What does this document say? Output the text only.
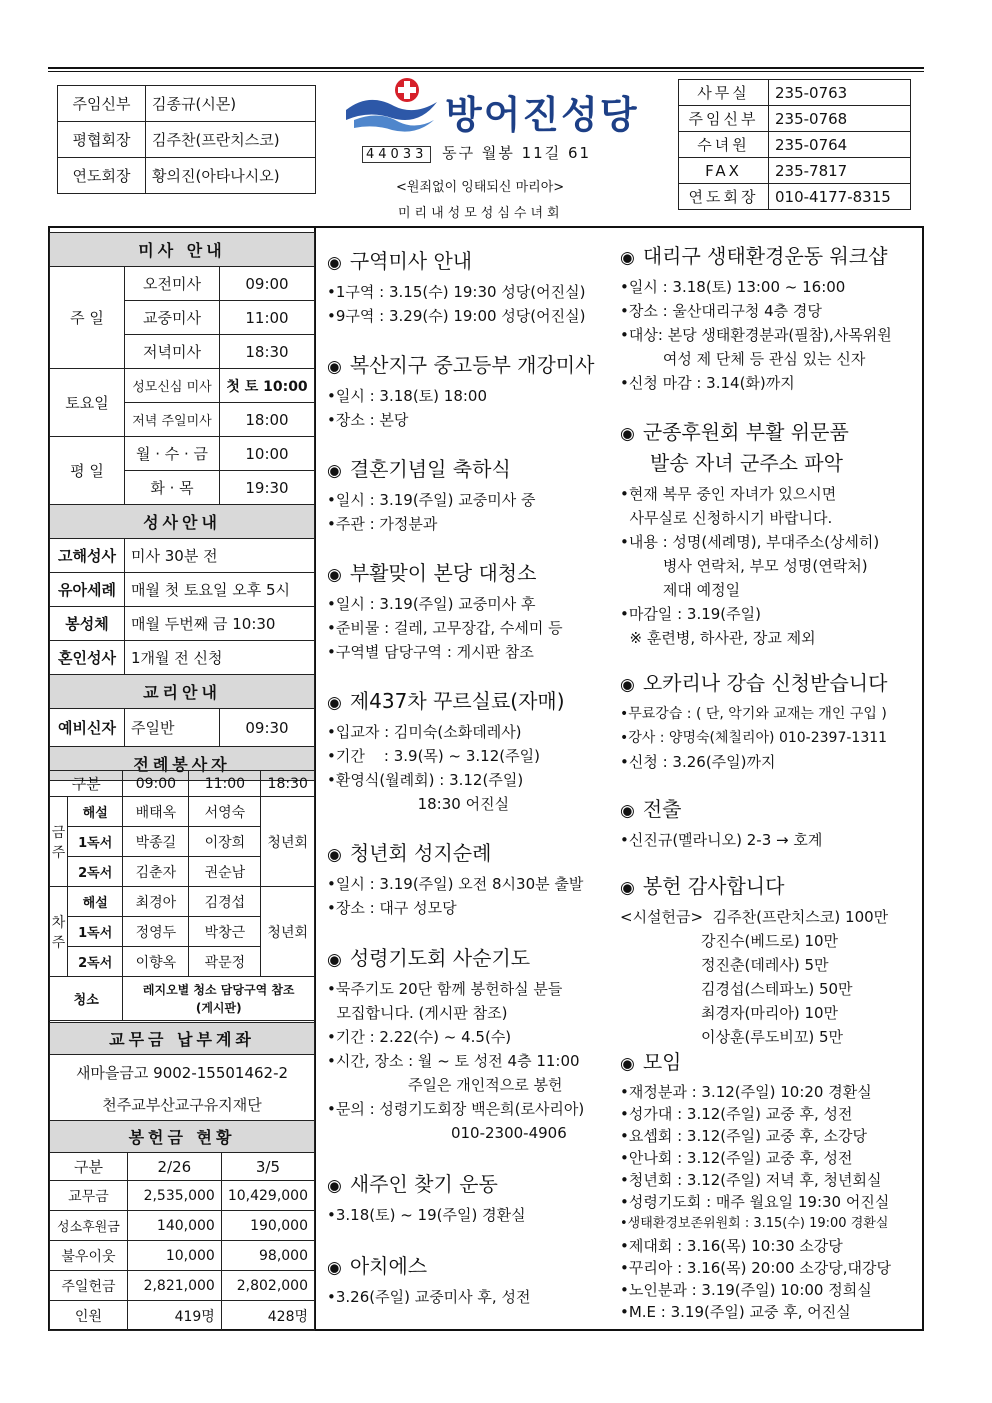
주임신부	김종규(시몬)
평협회장	김주찬(프란치스코)
연도회장	황의진(아타나시오)
방어진성당
44033 동구 월봉 11길 61
<원죄없이 잉태되신 마리아>
미리내성모성심수녀회
사무실	235-0763
주임신부	235-0768
수녀원	235-0764
FAX	235-7817
연도회장	010-4177-8315
미사 안내		
주 일	오전미사	09:00
	교중미사	11:00
	저녁미사	18:30
토요일	성모신심 미사	첫 토 10:00
	저녁 주일미사	18:00
평 일	월 · 수 · 금	10:00
	화 · 목	19:30
성사안내		
고해성사	미사 30분 전	
유아세례	매월 첫 토요일 오후 5시	
봉성체	매월 두번째 금 10:30	
혼인성사	1개월 전 신청	
교리안내		
예비신자	주일반	09:30
전례봉사자		
구분		09:00	11:00	18:30
금주	해설	배태옥	서영숙	청년회
	1독서	박종길	이장희	
	2독서	김춘자	권순남	
차주	해설	최경아	김경섭	청년회
	1독서	정영두	박창근	
	2독서	이향옥	곽문정	
청소		레지오별 청소 담당구역 참조
(게시판)		
교무금 납부계좌

새마을금고 9002-15501462-2
천주교부산교구유지재단
봉헌금 현황		
구분	2/26	3/5
교무금	2,535,000	10,429,000
성소후원금	140,000	190,000
불우이웃	10,000	98,000
주일헌금	2,821,000	2,802,000
인원	419명	428명
◉ 구역미사 안내
•1구역 : 3.15(수) 19:30 성당(어진실)
•9구역 : 3.29(수) 19:00 성당(어진실)
◉ 복산지구 중고등부 개강미사
•일시 : 3.18(토) 18:00
•장소 : 본당
◉ 결혼기념일 축하식
•일시 : 3.19(주일) 교중미사 중
•주관 : 가정분과
◉ 부활맞이 본당 대청소
•일시 : 3.19(주일) 교중미사 후
•준비물 : 걸레, 고무장갑, 수세미 등
•구역별 담당구역 : 게시판 참조
◉ 제437차 꾸르실료(자매)
•입교자 : 김미숙(소화데레사)
•기간    : 3.9(목) ~ 3.12(주일)
•환영식(월례회) : 3.12(주일)
18:30 어진실
◉ 청년회 성지순례
•일시 : 3.19(주일) 오전 8시30분 출발
•장소 : 대구 성모당
◉ 성령기도회 사순기도
•묵주기도 20단 함께 봉헌하실 분들
모집합니다. (게시판 참조)
•기간 : 2.22(수) ~ 4.5(수)
•시간, 장소 : 월 ~ 토 성전 4층 11:00
주일은 개인적으로 봉헌
•문의 : 성령기도회장 백은희(로사리아)
010-2300-4906
◉ 새주인 찾기 운동
•3.18(토) ~ 19(주일) 경환실
◉ 아치에스
•3.26(주일) 교중미사 후, 성전
◉ 대리구 생태환경운동 워크샵
•일시 : 3.18(토) 13:00 ~ 16:00
•장소 : 울산대리구청 4층 경당
•대상: 본당 생태환경분과(필참),사목위원
여성 제 단체 등 관심 있는 신자
•신청 마감 : 3.14(화)까지
◉ 군종후원회 부활 위문품
발송 자녀 군주소 파악
•현재 복무 중인 자녀가 있으시면
사무실로 신청하시기 바랍니다.
•내용 : 성명(세례명), 부대주소(상세히)
병사 연락처, 부모 성명(연락처)
제대 예정일
•마감일 : 3.19(주일)
※ 훈련병, 하사관, 장교 제외
◉ 오카리나 강습 신청받습니다
•무료강습 : ( 단, 악기와 교재는 개인 구입 )
•강사 : 양명숙(체칠리아) 010-2397-1311
•신청 : 3.26(주일)까지
◉ 전출
•신진규(멜라니오) 2-3 → 호계
◉ 봉헌 감사합니다
<시설헌금>  김주찬(프란치스코) 100만
강진수(베드로) 10만
정진춘(데레사) 5만
김경섭(스테파노) 50만
최경자(마리아) 10만
이상훈(루도비꼬) 5만
◉ 모임
•재정분과 : 3.12(주일) 10:20 경환실
•성가대 : 3.12(주일) 교중 후, 성전
•요셉회 : 3.12(주일) 교중 후, 소강당
•안나회 : 3.12(주일) 교중 후, 성전
•청년회 : 3.12(주일) 저녁 후, 청년회실
•성령기도회 : 매주 월요일 19:30 어진실
•생태환경보존위원회 : 3.15(수) 19:00 경환실
•제대회 : 3.16(목) 10:30 소강당
•꾸리아 : 3.16(목) 20:00 소강당,대강당
•노인분과 : 3.19(주일) 10:00 정희실
•M.E : 3.19(주일) 교중 후, 어진실
